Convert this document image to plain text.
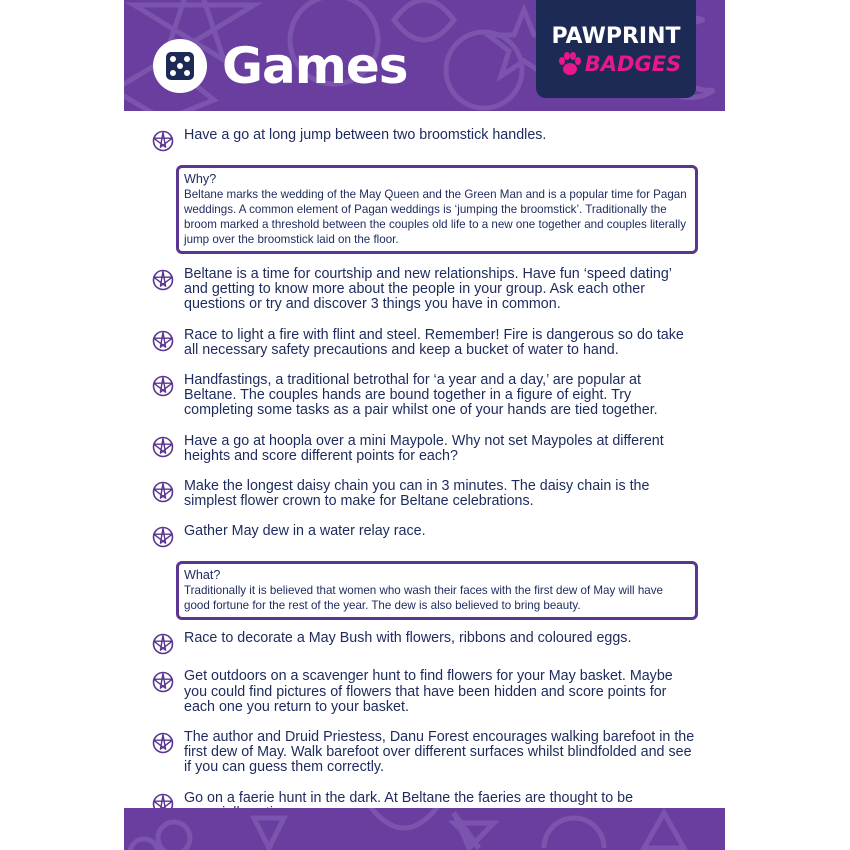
Games
PAWPRINT
BADGES
Have a go at long jump between two broomstick handles.
Why?
Beltane marks the wedding of the May Queen and the Green Man and is a popular time for Pagan weddings. A common element of Pagan weddings is ‘jumping the broomstick’. Traditionally the broom marked a threshold between the couples old life to a new one together and couples literally jump over the broomstick laid on the floor.
Beltane is a time for courtship and new relationships. Have fun ‘speed dating’ and getting to know more about the people in your group. Ask each other questions or try and discover 3 things you have in common.
Race to light a fire with flint and steel. Remember! Fire is dangerous so do take all necessary safety precautions and keep a bucket of water to hand.
Handfastings, a traditional betrothal for ‘a year and a day,’ are popular at Beltane. The couples hands are bound together in a figure of eight. Try completing some tasks as a pair whilst one of your hands are tied together.
Have a go at hoopla over a mini Maypole. Why not set Maypoles at different heights and score different points for each?
Make the longest daisy chain you can in 3 minutes. The daisy chain is the simplest flower crown to make for Beltane celebrations.
Gather May dew in a water relay race.
What?
Traditionally it is believed that women who wash their faces with the first dew of May will have good fortune for the rest of the year. The dew is also believed to bring beauty.
Race to decorate a May Bush with flowers, ribbons and coloured eggs.
Get outdoors on a scavenger hunt to find flowers for your May basket. Maybe you could find pictures of flowers that have been hidden and score points for each one you return to your basket.
The author and Druid Priestess, Danu Forest encourages walking barefoot in the first dew of May. Walk barefoot over different surfaces whilst blindfolded and see if you can guess them correctly.
Go on a faerie hunt in the dark. At Beltane the faeries are thought to be
